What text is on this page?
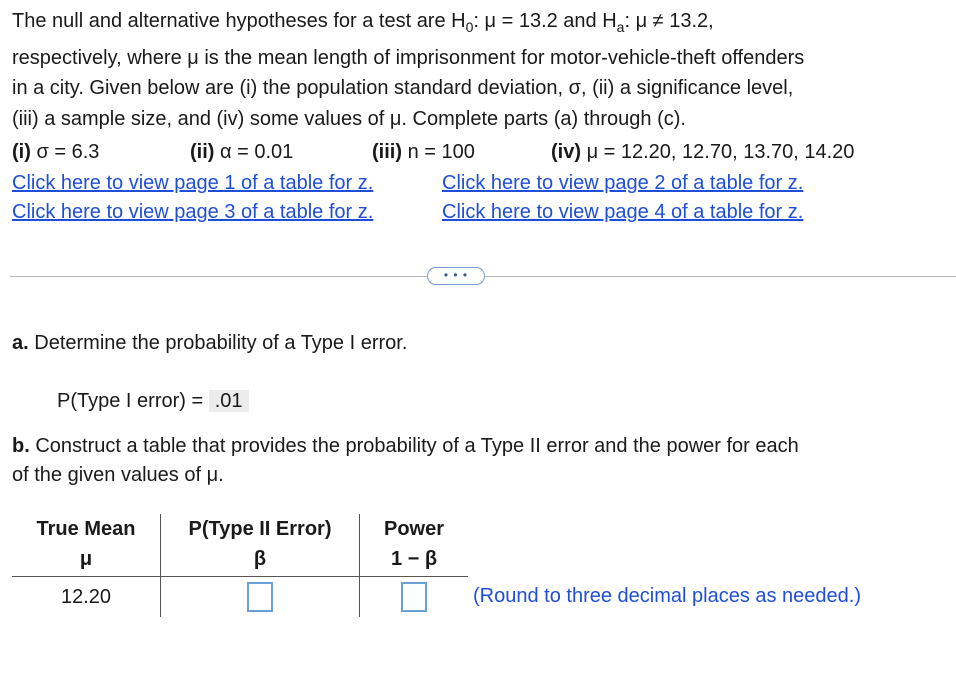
The null and alternative hypotheses for a test are $H_0$: μ = 13.2 and $H_a$: μ ≠ 13.2,
respectively, where μ is the mean length of imprisonment for motor-vehicle-theft offenders
in a city. Given below are (i) the population standard deviation, σ, (ii) a significance level,
(iii) a sample size, and (iv) some values of μ. Complete parts (a) through (c).
(i) σ = 6.3	(ii) α = 0.01	(iii) n = 100	(iv) μ = 12.20, 12.70, 13.70, 14.20
Click here to view page 1 of a table for z.	Click here to view page 2 of a table for z.
Click here to view page 3 of a table for z.	Click here to view page 4 of a table for z.
• • •
a. Determine the probability of a Type I error.
P(Type I error) = .01
b. Construct a table that provides the probability of a Type II error and the power for each
of the given values of μ.
True Mean	P(Type II Error)	Power
μ	β	1 − β
12.20			(Round to three decimal places as needed.)
